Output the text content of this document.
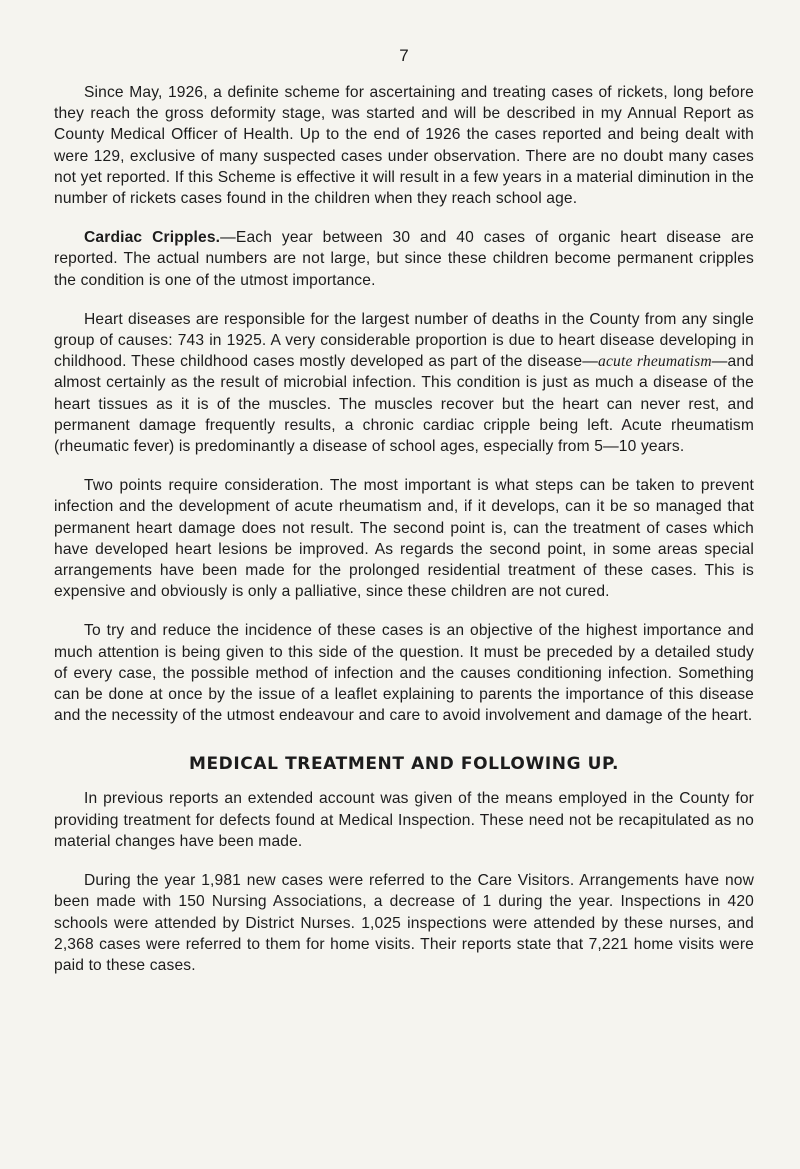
7

Since May, 1926, a definite scheme for ascertaining and treating cases of rickets, long before they reach the gross deformity stage, was started and will be described in my Annual Report as County Medical Officer of Health. Up to the end of 1926 the cases reported and being dealt with were 129, exclusive of many suspected cases under observation. There are no doubt many cases not yet reported. If this Scheme is effective it will result in a few years in a material diminution in the number of rickets cases found in the children when they reach school age.

Cardiac Cripples.—Each year between 30 and 40 cases of organic heart disease are reported. The actual numbers are not large, but since these children become permanent cripples the condition is one of the utmost importance.

Heart diseases are responsible for the largest number of deaths in the County from any single group of causes: 743 in 1925. A very considerable proportion is due to heart disease developing in childhood. These childhood cases mostly developed as part of the disease—acute rheumatism—and almost certainly as the result of microbial infection. This condition is just as much a disease of the heart tissues as it is of the muscles. The muscles recover but the heart can never rest, and permanent damage frequently results, a chronic cardiac cripple being left. Acute rheumatism (rheumatic fever) is predominantly a disease of school ages, especially from 5—10 years.

Two points require consideration. The most important is what steps can be taken to prevent infection and the development of acute rheumatism and, if it develops, can it be so managed that permanent heart damage does not result. The second point is, can the treatment of cases which have developed heart lesions be improved. As regards the second point, in some areas special arrangements have been made for the prolonged residential treatment of these cases. This is expensive and obviously is only a palliative, since these children are not cured.

To try and reduce the incidence of these cases is an objective of the highest importance and much attention is being given to this side of the question. It must be preceded by a detailed study of every case, the possible method of infection and the causes conditioning infection. Something can be done at once by the issue of a leaflet explaining to parents the importance of this disease and the necessity of the utmost endeavour and care to avoid involvement and damage of the heart.

MEDICAL TREATMENT AND FOLLOWING UP.

In previous reports an extended account was given of the means employed in the County for providing treatment for defects found at Medical Inspection. These need not be recapitulated as no material changes have been made.

During the year 1,981 new cases were referred to the Care Visitors. Arrangements have now been made with 150 Nursing Associations, a decrease of 1 during the year. Inspections in 420 schools were attended by District Nurses. 1,025 inspections were attended by these nurses, and 2,368 cases were referred to them for home visits. Their reports state that 7,221 home visits were paid to these cases.
